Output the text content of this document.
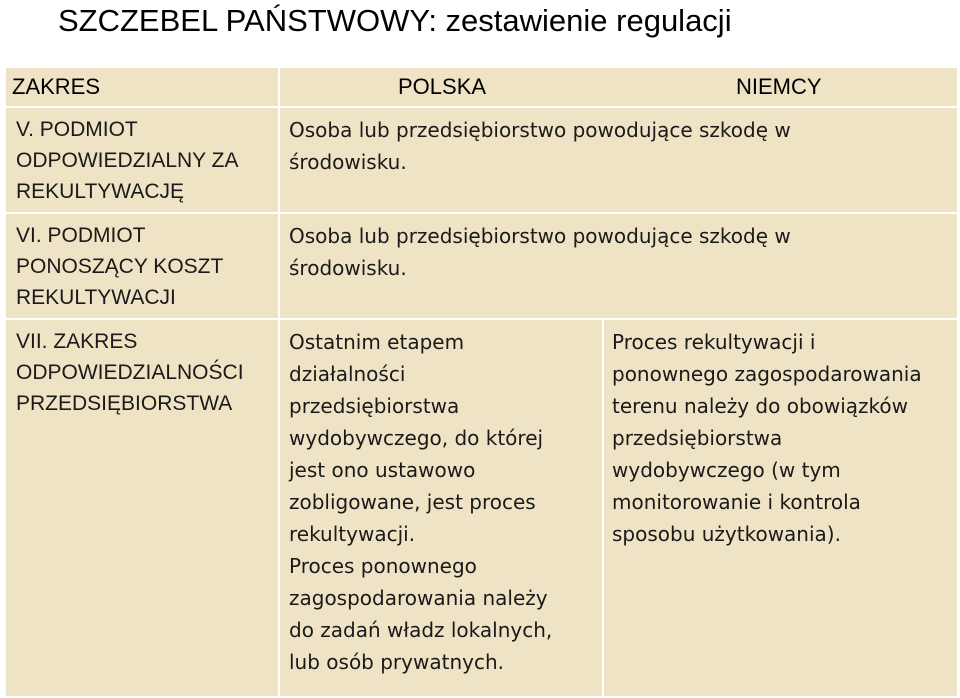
SZCZEBEL PAŃSTWOWY: zestawienie regulacji
ZAKRES	POLSKA	NIEMCY
V. PODMIOT
ODPOWIEDZIALNY ZA
REKULTYWACJĘ
Osoba lub przedsiębiorstwo powodujące szkodę w
środowisku.
VI. PODMIOT
PONOSZĄCY KOSZT
REKULTYWACJI
Osoba lub przedsiębiorstwo powodujące szkodę w
środowisku.
VII. ZAKRES
ODPOWIEDZIALNOŚCI
PRZEDSIĘBIORSTWA
Ostatnim etapem
działalności
przedsiębiorstwa
wydobywczego, do której
jest ono ustawowo
zobligowane, jest proces
rekultywacji.
Proces ponownego
zagospodarowania należy
do zadań władz lokalnych,
lub osób prywatnych.
Proces rekultywacji i
ponownego zagospodarowania
terenu należy do obowiązków
przedsiębiorstwa
wydobywczego (w tym
monitorowanie i kontrola
sposobu użytkowania).
